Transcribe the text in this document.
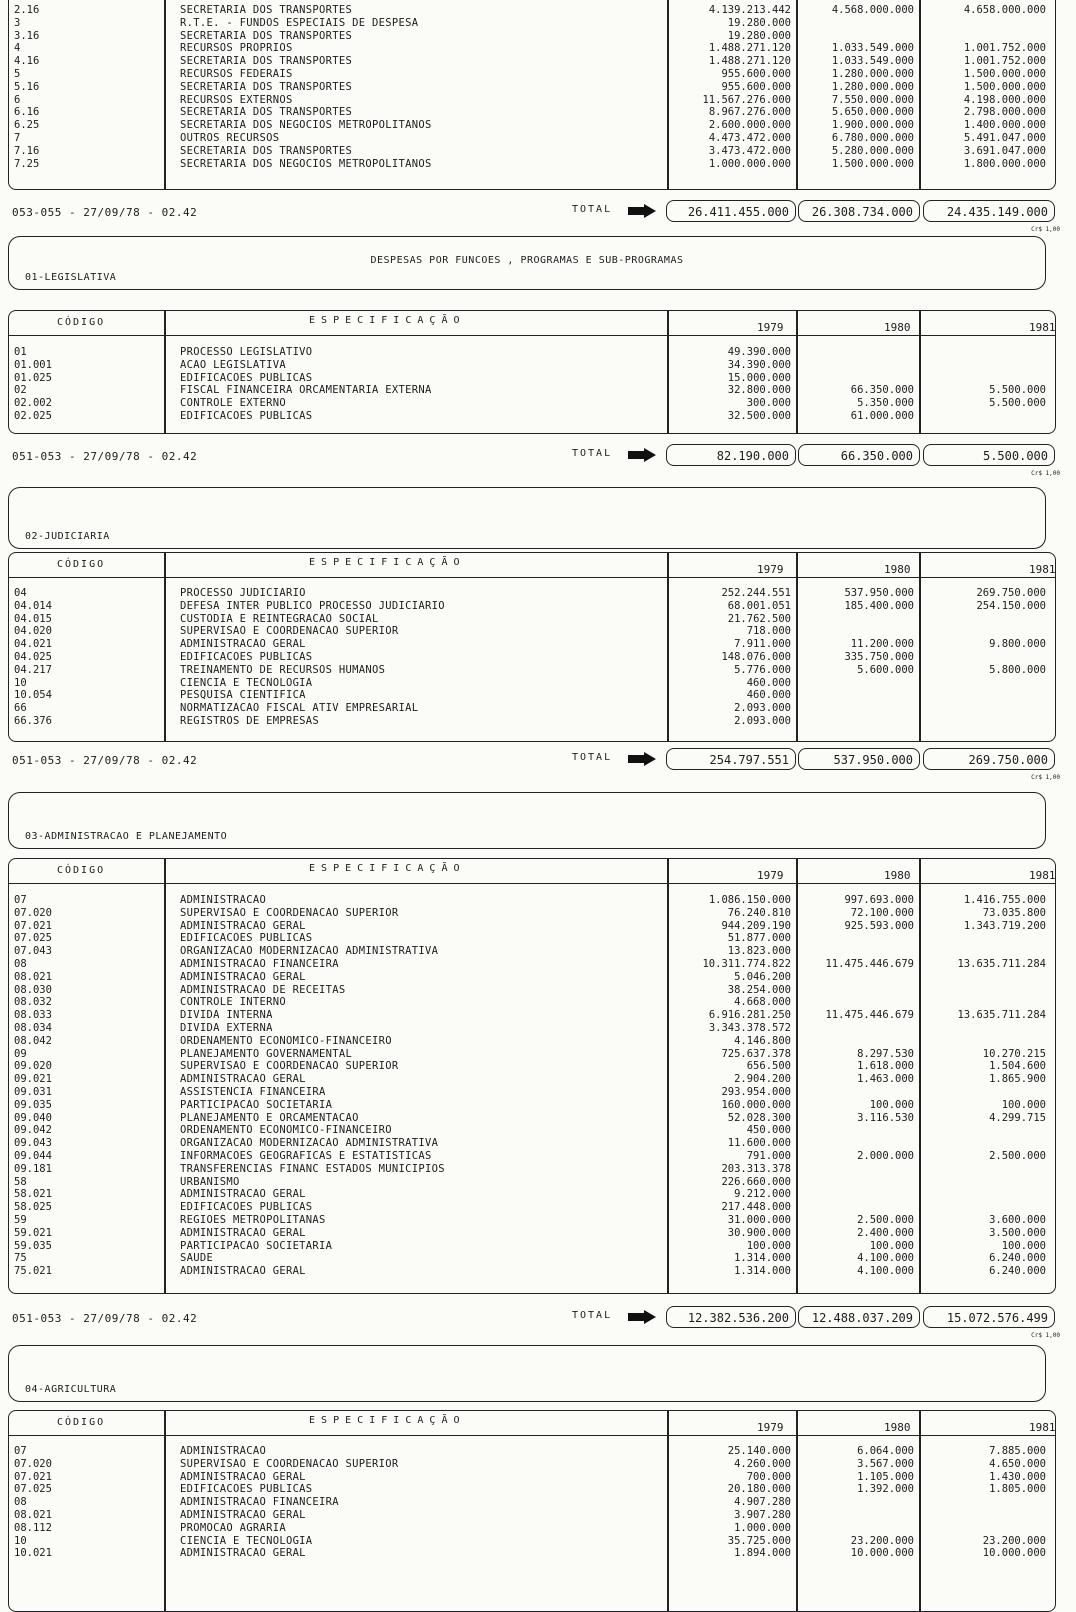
2.16	SECRETARIA DOS TRANSPORTES	4.139.213.442	4.568.000.000	4.658.000.000
3	R.T.E. - FUNDOS ESPECIAIS DE DESPESA	19.280.000
3.16	SECRETARIA DOS TRANSPORTES	19.280.000
4	RECURSOS PROPRIOS	1.488.271.120	1.033.549.000	1.001.752.000
4.16	SECRETARIA DOS TRANSPORTES	1.488.271.120	1.033.549.000	1.001.752.000
5	RECURSOS FEDERAIS	955.600.000	1.280.000.000	1.500.000.000
5.16	SECRETARIA DOS TRANSPORTES	955.600.000	1.280.000.000	1.500.000.000
6	RECURSOS EXTERNOS	11.567.276.000	7.550.000.000	4.198.000.000
6.16	SECRETARIA DOS TRANSPORTES	8.967.276.000	5.650.000.000	2.798.000.000
6.25	SECRETARIA DOS NEGOCIOS METROPOLITANOS	2.600.000.000	1.900.000.000	1.400.000.000
7	OUTROS RECURSOS	4.473.472.000	6.780.000.000	5.491.047.000
7.16	SECRETARIA DOS TRANSPORTES	3.473.472.000	5.280.000.000	3.691.047.000
7.25	SECRETARIA DOS NEGOCIOS METROPOLITANOS	1.000.000.000	1.500.000.000	1.800.000.000
053-055 - 27/09/78 - 02.42	TOTAL	26.411.455.000	26.308.734.000	24.435.149.000
Cr$ 1,00
DESPESAS POR FUNCOES , PROGRAMAS E SUB-PROGRAMAS
01-LEGISLATIVA
CÓDIGO	E S P E C I F I C A Ç Ã O
1979	1980	1981
01	PROCESSO LEGISLATIVO	49.390.000
01.001	ACAO LEGISLATIVA	34.390.000
01.025	EDIFICACOES PUBLICAS	15.000.000
02	FISCAL FINANCEIRA ORCAMENTARIA EXTERNA	32.800.000	66.350.000	5.500.000
02.002	CONTROLE EXTERNO	300.000	5.350.000	5.500.000
02.025	EDIFICACOES PUBLICAS	32.500.000	61.000.000
051-053 - 27/09/78 - 02.42	TOTAL	82.190.000	66.350.000	5.500.000
Cr$ 1,00
02-JUDICIARIA
CÓDIGO	E S P E C I F I C A Ç Ã O
1979	1980	1981
04	PROCESSO JUDICIARIO	252.244.551	537.950.000	269.750.000
04.014	DEFESA INTER PUBLICO PROCESSO JUDICIARIO	68.001.051	185.400.000	254.150.000
04.015	CUSTODIA E REINTEGRACAO SOCIAL	21.762.500
04.020	SUPERVISAO E COORDENACAO SUPERIOR	718.000
04.021	ADMINISTRACAO GERAL	7.911.000	11.200.000	9.800.000
04.025	EDIFICACOES PUBLICAS	148.076.000	335.750.000
04.217	TREINAMENTO DE RECURSOS HUMANOS	5.776.000	5.600.000	5.800.000
10	CIENCIA E TECNOLOGIA	460.000
10.054	PESQUISA CIENTIFICA	460.000
66	NORMATIZACAO FISCAL ATIV EMPRESARIAL	2.093.000
66.376	REGISTROS DE EMPRESAS	2.093.000
051-053 - 27/09/78 - 02.42	TOTAL	254.797.551	537.950.000	269.750.000
Cr$ 1,00
03-ADMINISTRACAO E PLANEJAMENTO
CÓDIGO	E S P E C I F I C A Ç Ã O
1979	1980	1981
07	ADMINISTRACAO	1.086.150.000	997.693.000	1.416.755.000
07.020	SUPERVISAO E COORDENACAO SUPERIOR	76.240.810	72.100.000	73.035.800
07.021	ADMINISTRACAO GERAL	944.209.190	925.593.000	1.343.719.200
07.025	EDIFICACOES PUBLICAS	51.877.000
07.043	ORGANIZACAO MODERNIZACAO ADMINISTRATIVA	13.823.000
08	ADMINISTRACAO FINANCEIRA	10.311.774.822	11.475.446.679	13.635.711.284
08.021	ADMINISTRACAO GERAL	5.046.200
08.030	ADMINISTRACAO DE RECEITAS	38.254.000
08.032	CONTROLE INTERNO	4.668.000
08.033	DIVIDA INTERNA	6.916.281.250	11.475.446.679	13.635.711.284
08.034	DIVIDA EXTERNA	3.343.378.572
08.042	ORDENAMENTO ECONOMICO-FINANCEIRO	4.146.800
09	PLANEJAMENTO GOVERNAMENTAL	725.637.378	8.297.530	10.270.215
09.020	SUPERVISAO E COORDENACAO SUPERIOR	656.500	1.618.000	1.504.600
09.021	ADMINISTRACAO GERAL	2.904.200	1.463.000	1.865.900
09.031	ASSISTENCIA FINANCEIRA	293.954.000
09.035	PARTICIPACAO SOCIETARIA	160.000.000	100.000	100.000
09.040	PLANEJAMENTO E ORCAMENTACAO	52.028.300	3.116.530	4.299.715
09.042	ORDENAMENTO ECONOMICO-FINANCEIRO	450.000
09.043	ORGANIZACAO MODERNIZACAO ADMINISTRATIVA	11.600.000
09.044	INFORMACOES GEOGRAFICAS E ESTATISTICAS	791.000	2.000.000	2.500.000
09.181	TRANSFERENCIAS FINANC ESTADOS MUNICIPIOS	203.313.378
58	URBANISMO	226.660.000
58.021	ADMINISTRACAO GERAL	9.212.000
58.025	EDIFICACOES PUBLICAS	217.448.000
59	REGIOES METROPOLITANAS	31.000.000	2.500.000	3.600.000
59.021	ADMINISTRACAO GERAL	30.900.000	2.400.000	3.500.000
59.035	PARTICIPACAO SOCIETARIA	100.000	100.000	100.000
75	SAUDE	1.314.000	4.100.000	6.240.000
75.021	ADMINISTRACAO GERAL	1.314.000	4.100.000	6.240.000
051-053 - 27/09/78 - 02.42	TOTAL	12.382.536.200	12.488.037.209	15.072.576.499
Cr$ 1,00
04-AGRICULTURA
CÓDIGO	E S P E C I F I C A Ç Ã O
1979	1980	1981
07	ADMINISTRACAO	25.140.000	6.064.000	7.885.000
07.020	SUPERVISAO E COORDENACAO SUPERIOR	4.260.000	3.567.000	4.650.000
07.021	ADMINISTRACAO GERAL	700.000	1.105.000	1.430.000
07.025	EDIFICACOES PUBLICAS	20.180.000	1.392.000	1.805.000
08	ADMINISTRACAO FINANCEIRA	4.907.280
08.021	ADMINISTRACAO GERAL	3.907.280
08.112	PROMOCAO AGRARIA	1.000.000
10	CIENCIA E TECNOLOGIA	35.725.000	23.200.000	23.200.000
10.021	ADMINISTRACAO GERAL	1.894.000	10.000.000	10.000.000
